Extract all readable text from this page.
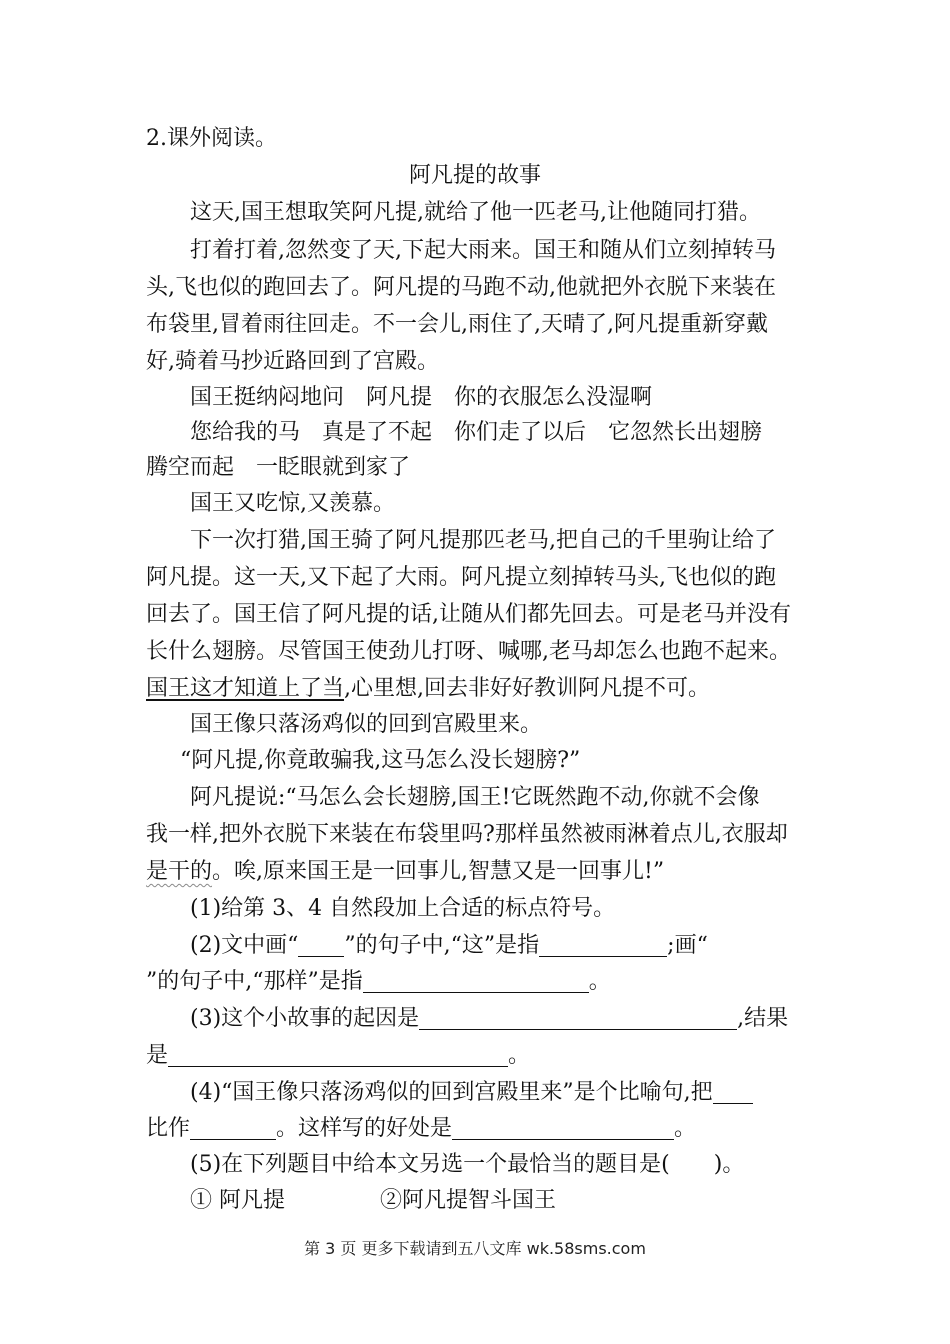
2.课外阅读。
阿凡提的故事
这天,国王想取笑阿凡提,就给了他一匹老马,让他随同打猎。
打着打着,忽然变了天,下起大雨来。国王和随从们立刻掉转马
头,飞也似的跑回去了。阿凡提的马跑不动,他就把外衣脱下来装在
布袋里,冒着雨往回走。不一会儿,雨住了,天晴了,阿凡提重新穿戴
好,骑着马抄近路回到了宫殿。
国王挺纳闷地问　阿凡提　你的衣服怎么没湿啊
您给我的马　真是了不起　你们走了以后　它忽然长出翅膀
腾空而起　一眨眼就到家了
国王又吃惊,又羡慕。
下一次打猎,国王骑了阿凡提那匹老马,把自己的千里驹让给了
阿凡提。这一天,又下起了大雨。阿凡提立刻掉转马头,飞也似的跑
回去了。国王信了阿凡提的话,让随从们都先回去。可是老马并没有
长什么翅膀。尽管国王使劲儿打呀、喊哪,老马却怎么也跑不起来。
国王这才知道上了当,心里想,回去非好好教训阿凡提不可。
国王像只落汤鸡似的回到宫殿里来。
“阿凡提,你竟敢骗我,这马怎么没长翅膀?”
阿凡提说:“马怎么会长翅膀,国王!它既然跑不动,你就不会像
我一样,把外衣脱下来装在布袋里吗?那样虽然被雨淋着点儿,衣服却
是干的。唉,原来国王是一回事儿,智慧又是一回事儿!”
(1)给第 3、4 自然段加上合适的标点符号。
(2)文中画“ ”的句子中,“这”是指	;画“
”的句子中,“那样”是指	。
(3)这个小故事的起因是	,结果
是	。
(4)“国王像只落汤鸡似的回到宫殿里来”是个比喻句,把
比作	。这样写的好处是	。
(5)在下列题目中给本文另选一个最恰当的题目是(　　)。
① 阿凡提	②阿凡提智斗国王
第 3 页 更多下载请到五八文库 wk.58sms.com
